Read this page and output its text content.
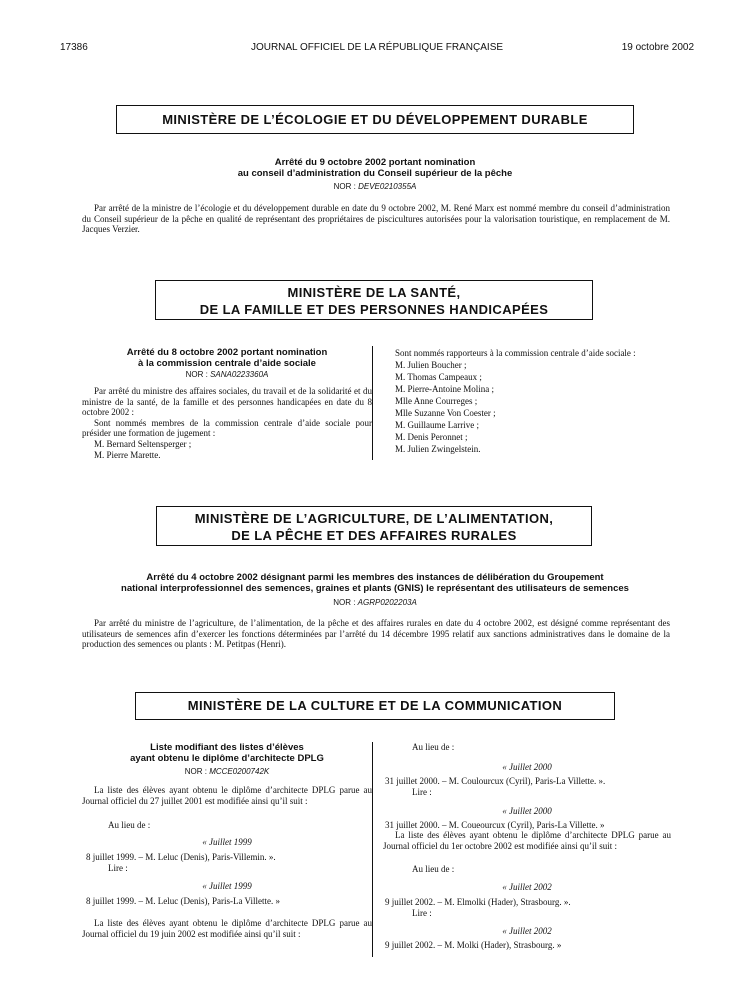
17386	JOURNAL OFFICIEL DE LA RÉPUBLIQUE FRANÇAISE	19 octobre 2002
MINISTÈRE DE L’ÉCOLOGIE ET DU DÉVELOPPEMENT DURABLE
Arrêté du 9 octobre 2002 portant nomination
au conseil d’administration du Conseil supérieur de la pêche
NOR : DEVE0210355A
Par arrêté de la ministre de l’écologie et du développement durable en date du 9 octobre 2002, M. René Marx est nommé membre du conseil d’administration du Conseil supérieur de la pêche en qualité de représentant des propriétaires de piscicultures autorisées pour la valorisation touristique, en remplacement de M. Jacques Verzier.
MINISTÈRE DE LA SANTÉ,
DE LA FAMILLE ET DES PERSONNES HANDICAPÉES
Arrêté du 8 octobre 2002 portant nomination
à la commission centrale d’aide sociale
NOR : SANA0223360A
Par arrêté du ministre des affaires sociales, du travail et de la solidarité et du ministre de la santé, de la famille et des personnes handicapées en date du 8 octobre 2002 :
Sont nommés membres de la commission centrale d’aide sociale pour présider une formation de jugement :
M. Bernard Seltensperger ;
M. Pierre Marette.
Sont nommés rapporteurs à la commission centrale d’aide sociale :
M. Julien Boucher ;
M. Thomas Campeaux ;
M. Pierre-Antoine Molina ;
Mlle Anne Courreges ;
Mlle Suzanne Von Coester ;
M. Guillaume Larrive ;
M. Denis Peronnet ;
M. Julien Zwingelstein.
MINISTÈRE DE L’AGRICULTURE, DE L’ALIMENTATION,
DE LA PÊCHE ET DES AFFAIRES RURALES
Arrêté du 4 octobre 2002 désignant parmi les membres des instances de délibération du Groupement
national interprofessionnel des semences, graines et plants (GNIS) le représentant des utilisateurs de semences
NOR : AGRP0202203A
Par arrêté du ministre de l’agriculture, de l’alimentation, de la pêche et des affaires rurales en date du 4 octobre 2002, est désigné comme représentant des utilisateurs de semences afin d’exercer les fonctions déterminées par l’arrêté du 14 décembre 1995 relatif aux sanctions administratives dans le domaine de la production des semences ou plants : M. Petitpas (Henri).
MINISTÈRE DE LA CULTURE ET DE LA COMMUNICATION
Liste modifiant des listes d’élèves
ayant obtenu le diplôme d’architecte DPLG
NOR : MCCE0200742K
La liste des élèves ayant obtenu le diplôme d’architecte DPLG parue au Journal officiel du 27 juillet 2001 est modifiée ainsi qu’il suit :
Au lieu de :
« Juillet 1999
8 juillet 1999. – M. Leluc (Denis), Paris-Villemin. ».
Lire :
« Juillet 1999
8 juillet 1999. – M. Leluc (Denis), Paris-La Villette. »
La liste des élèves ayant obtenu le diplôme d’architecte DPLG parue au Journal officiel du 19 juin 2002 est modifiée ainsi qu’il suit :
Au lieu de :
« Juillet 2000
31 juillet 2000. – M. Coulourcux (Cyril), Paris-La Villette. ».
Lire :
« Juillet 2000
31 juillet 2000. – M. Coueourcux (Cyril), Paris-La Villette. »
La liste des élèves ayant obtenu le diplôme d’architecte DPLG parue au Journal officiel du 1er octobre 2002 est modifiée ainsi qu’il suit :
Au lieu de :
« Juillet 2002
9 juillet 2002. – M. Elmolki (Hader), Strasbourg. ».
Lire :
« Juillet 2002
9 juillet 2002. – M. Molki (Hader), Strasbourg. »
